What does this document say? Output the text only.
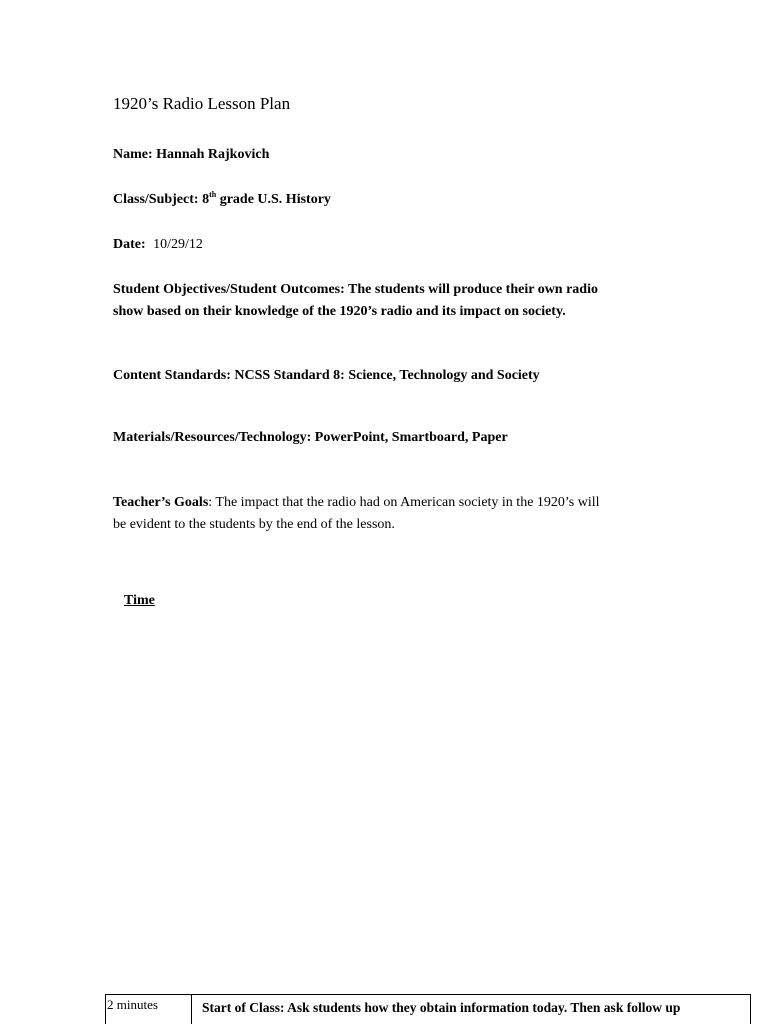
1920’s Radio Lesson Plan
Name: Hannah Rajkovich
Class/Subject: 8th grade U.S. History
Date: 10/29/12
Student Objectives/Student Outcomes: The students will produce their own radio
show based on their knowledge of the 1920’s radio and its impact on society.
Content Standards: NCSS Standard 8: Science, Technology and Society
Materials/Resources/Technology: PowerPoint, Smartboard, Paper
Teacher’s Goals: The impact that the radio had on American society in the 1920’s will
be evident to the students by the end of the lesson.
Time
2 minutes	Start of Class: Ask students how they obtain information today. Then ask follow up
